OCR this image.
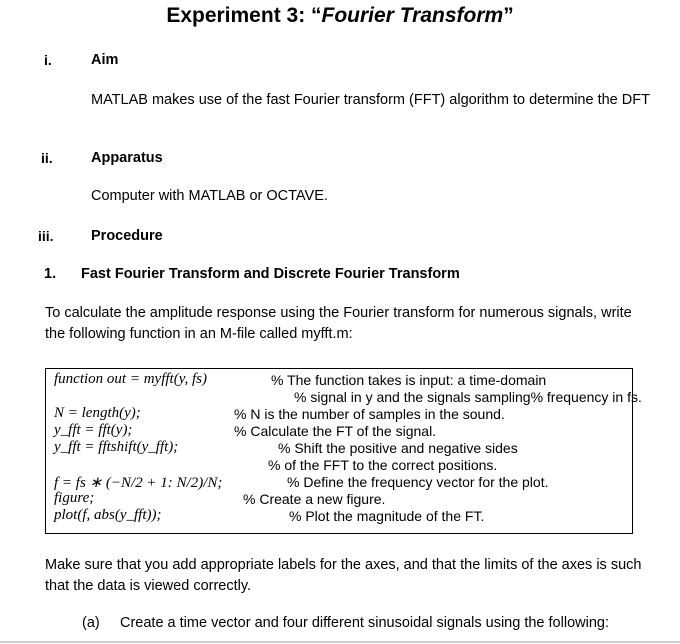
Experiment 3: “Fourier Transform”
i.	Aim
MATLAB makes use of the fast Fourier transform (FFT) algorithm to determine the DFT
ii.	Apparatus
Computer with MATLAB or OCTAVE.
iii.	Procedure
1. Fast Fourier Transform and Discrete Fourier Transform
To calculate the amplitude response using the Fourier transform for numerous signals, write the following function in an M-file called myfft.m:
function out = myfft(y, fs)	% The function takes is input: a time-domain
% signal in y and the signals sampling% frequency in fs.
N = length(y);	% N is the number of samples in the sound.
y_fft = fft(y);	% Calculate the FT of the signal.
y_fft = fftshift(y_fft);	% Shift the positive and negative sides
% of the FFT to the correct positions.
f = fs ∗ (−N/2 + 1: N/2)/N;	% Define the frequency vector for the plot.
figure;	% Create a new figure.
plot(f, abs(y_fft));	% Plot the magnitude of the FT.
Make sure that you add appropriate labels for the axes, and that the limits of the axes is such that the data is viewed correctly.
(a) Create a time vector and four different sinusoidal signals using the following:
